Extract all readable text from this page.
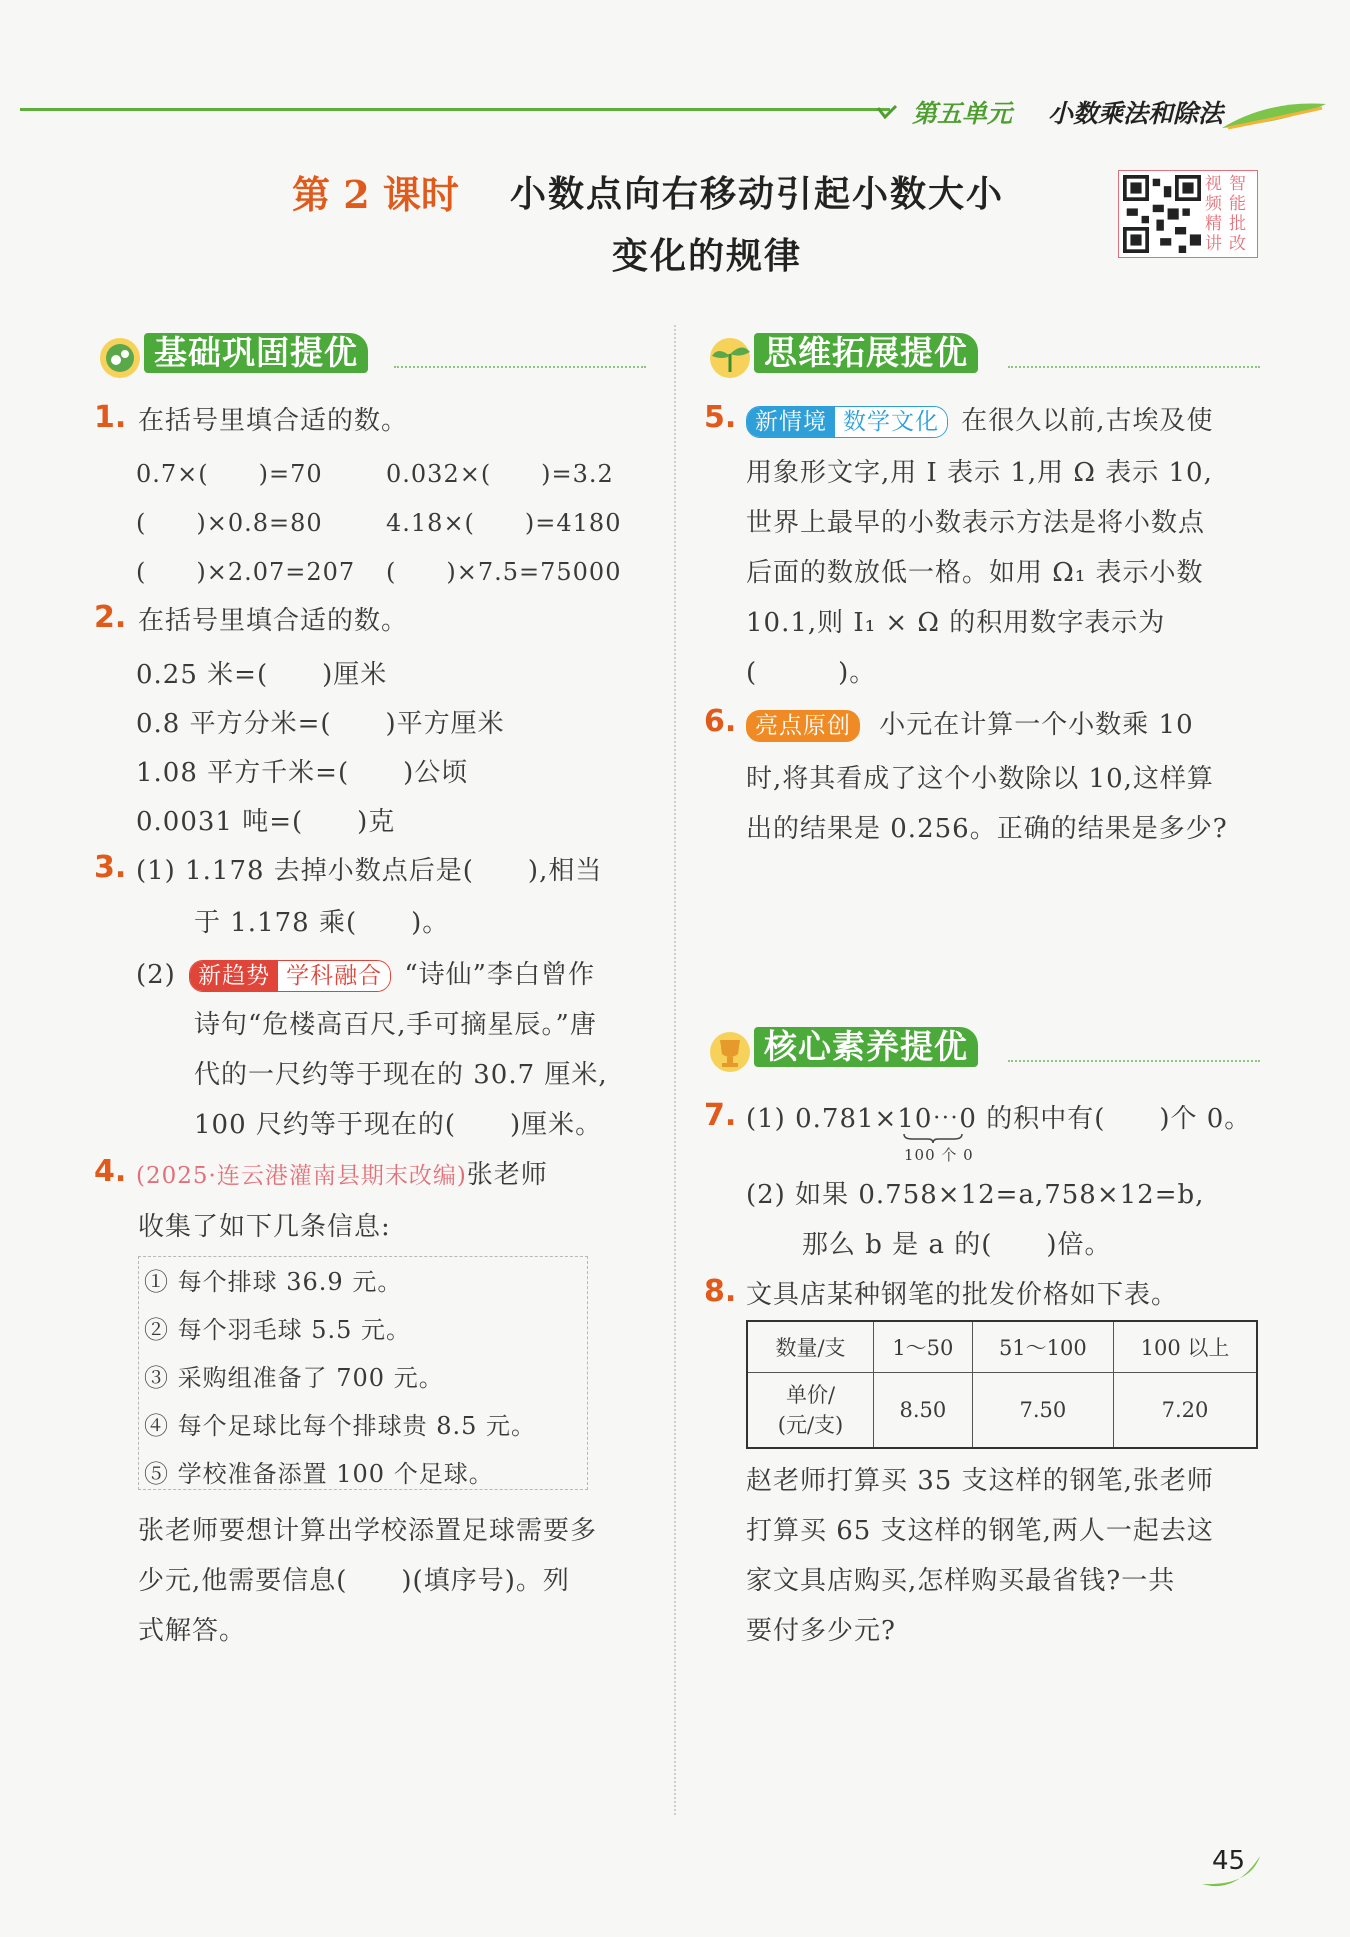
第五单元 小数乘法和除法
第 2 课时 小数点向右移动引起小数大小
变化的规律
视 智
频 能
精 批
讲 改
基础巩固提优	思维拓展提优
核心素养提优
1. 在括号里填合适的数。
0.7×(　　)=70	0.032×(　　)=3.2
(　　)×0.8=80	4.18×(　　)=4180
(　　)×2.07=207 (　　)×7.5=75000
2. 在括号里填合适的数。
0.25 米=(　　)厘米
0.8 平方分米=(　　)平方厘米
1.08 平方千米=(　　)公顷
0.0031 吨=(　　)克
3. (1) 1.178 去掉小数点后是(　　),相当
于 1.178 乘(　　)。
(2) 新趋势 学科融合 “诗仙”李白曾作
诗句“危楼高百尺,手可摘星辰。”唐
代的一尺约等于现在的 30.7 厘米,
100 尺约等于现在的(　　)厘米。
4. (2025·连云港灌南县期末改编)张老师
收集了如下几条信息:
① 每个排球 36.9 元。
② 每个羽毛球 5.5 元。
③ 采购组准备了 700 元。
④ 每个足球比每个排球贵 8.5 元。
⑤ 学校准备添置 100 个足球。
张老师要想计算出学校添置足球需要多
少元,他需要信息(　　)(填序号)。列
式解答。
5. 新情境 数学文化 在很久以前,古埃及使
用象形文字,用 Ⅰ 表示 1,用 Ω 表示 10,
世界上最早的小数表示方法是将小数点
后面的数放低一格。如用 Ω₁ 表示小数
10.1,则 Ι₁ × Ω 的积用数字表示为
(　　　)。
6. 亮点原创 小元在计算一个小数乘 10
时,将其看成了这个小数除以 10,这样算
出的结果是 0.256。正确的结果是多少?
7. (1) 0.781×10⋯0 的积中有(　　)个 0。
100 个 0
(2) 如果 0.758×12=a,758×12=b,
那么 b 是 a 的(　　)倍。
8. 文具店某种钢笔的批发价格如下表。
数量/支	1～50	51～100	100 以上

单价/
(元/支)	8.50	7.50	7.20
赵老师打算买 35 支这样的钢笔,张老师
打算买 65 支这样的钢笔,两人一起去这
家文具店购买,怎样购买最省钱?一共
要付多少元?
45
